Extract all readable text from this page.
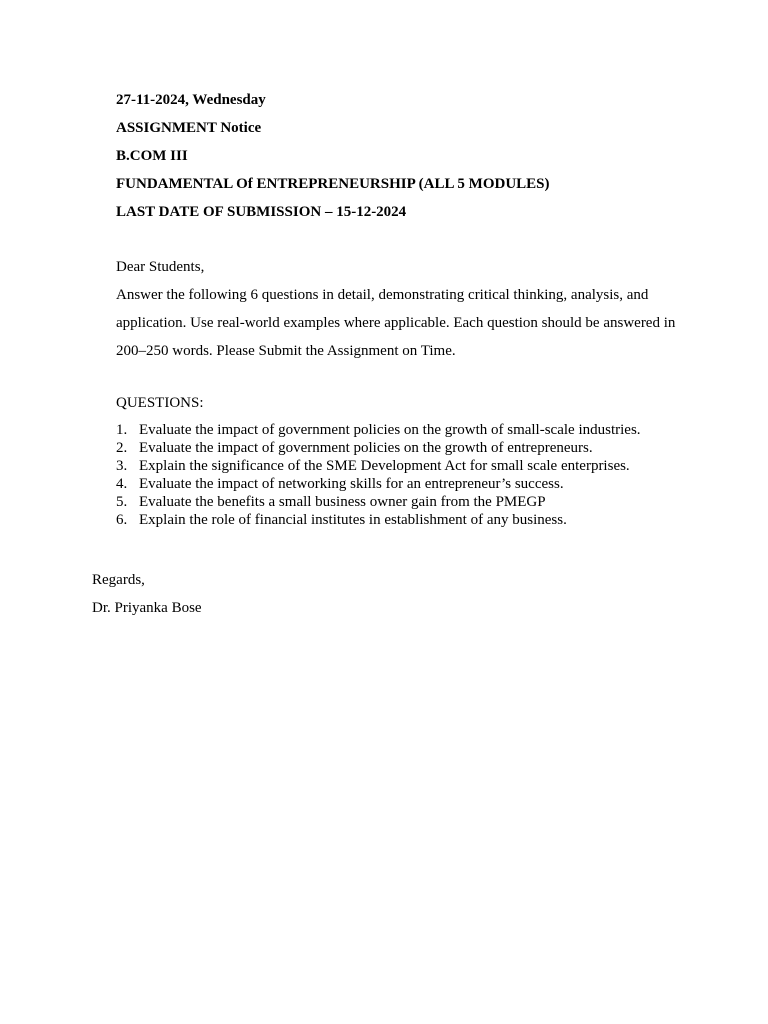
27-11-2024, Wednesday
ASSIGNMENT Notice
B.COM III
FUNDAMENTAL Of ENTREPRENEURSHIP (ALL 5 MODULES)
LAST DATE OF SUBMISSION – 15-12-2024
Dear Students,

Answer the following 6 questions in detail, demonstrating critical thinking, analysis, and application. Use real-world examples where applicable. Each question should be answered in 200–250 words. Please Submit the Assignment on Time.

QUESTIONS:
1. Evaluate the impact of government policies on the growth of small-scale industries.
2. Evaluate the impact of government policies on the growth of entrepreneurs.
3. Explain the significance of the SME Development Act for small scale enterprises.
4. Evaluate the impact of networking skills for an entrepreneur’s success.
5. Evaluate the benefits a small business owner gain from the PMEGP
6. Explain the role of financial institutes in establishment of any business.
Regards,
Dr. Priyanka Bose
